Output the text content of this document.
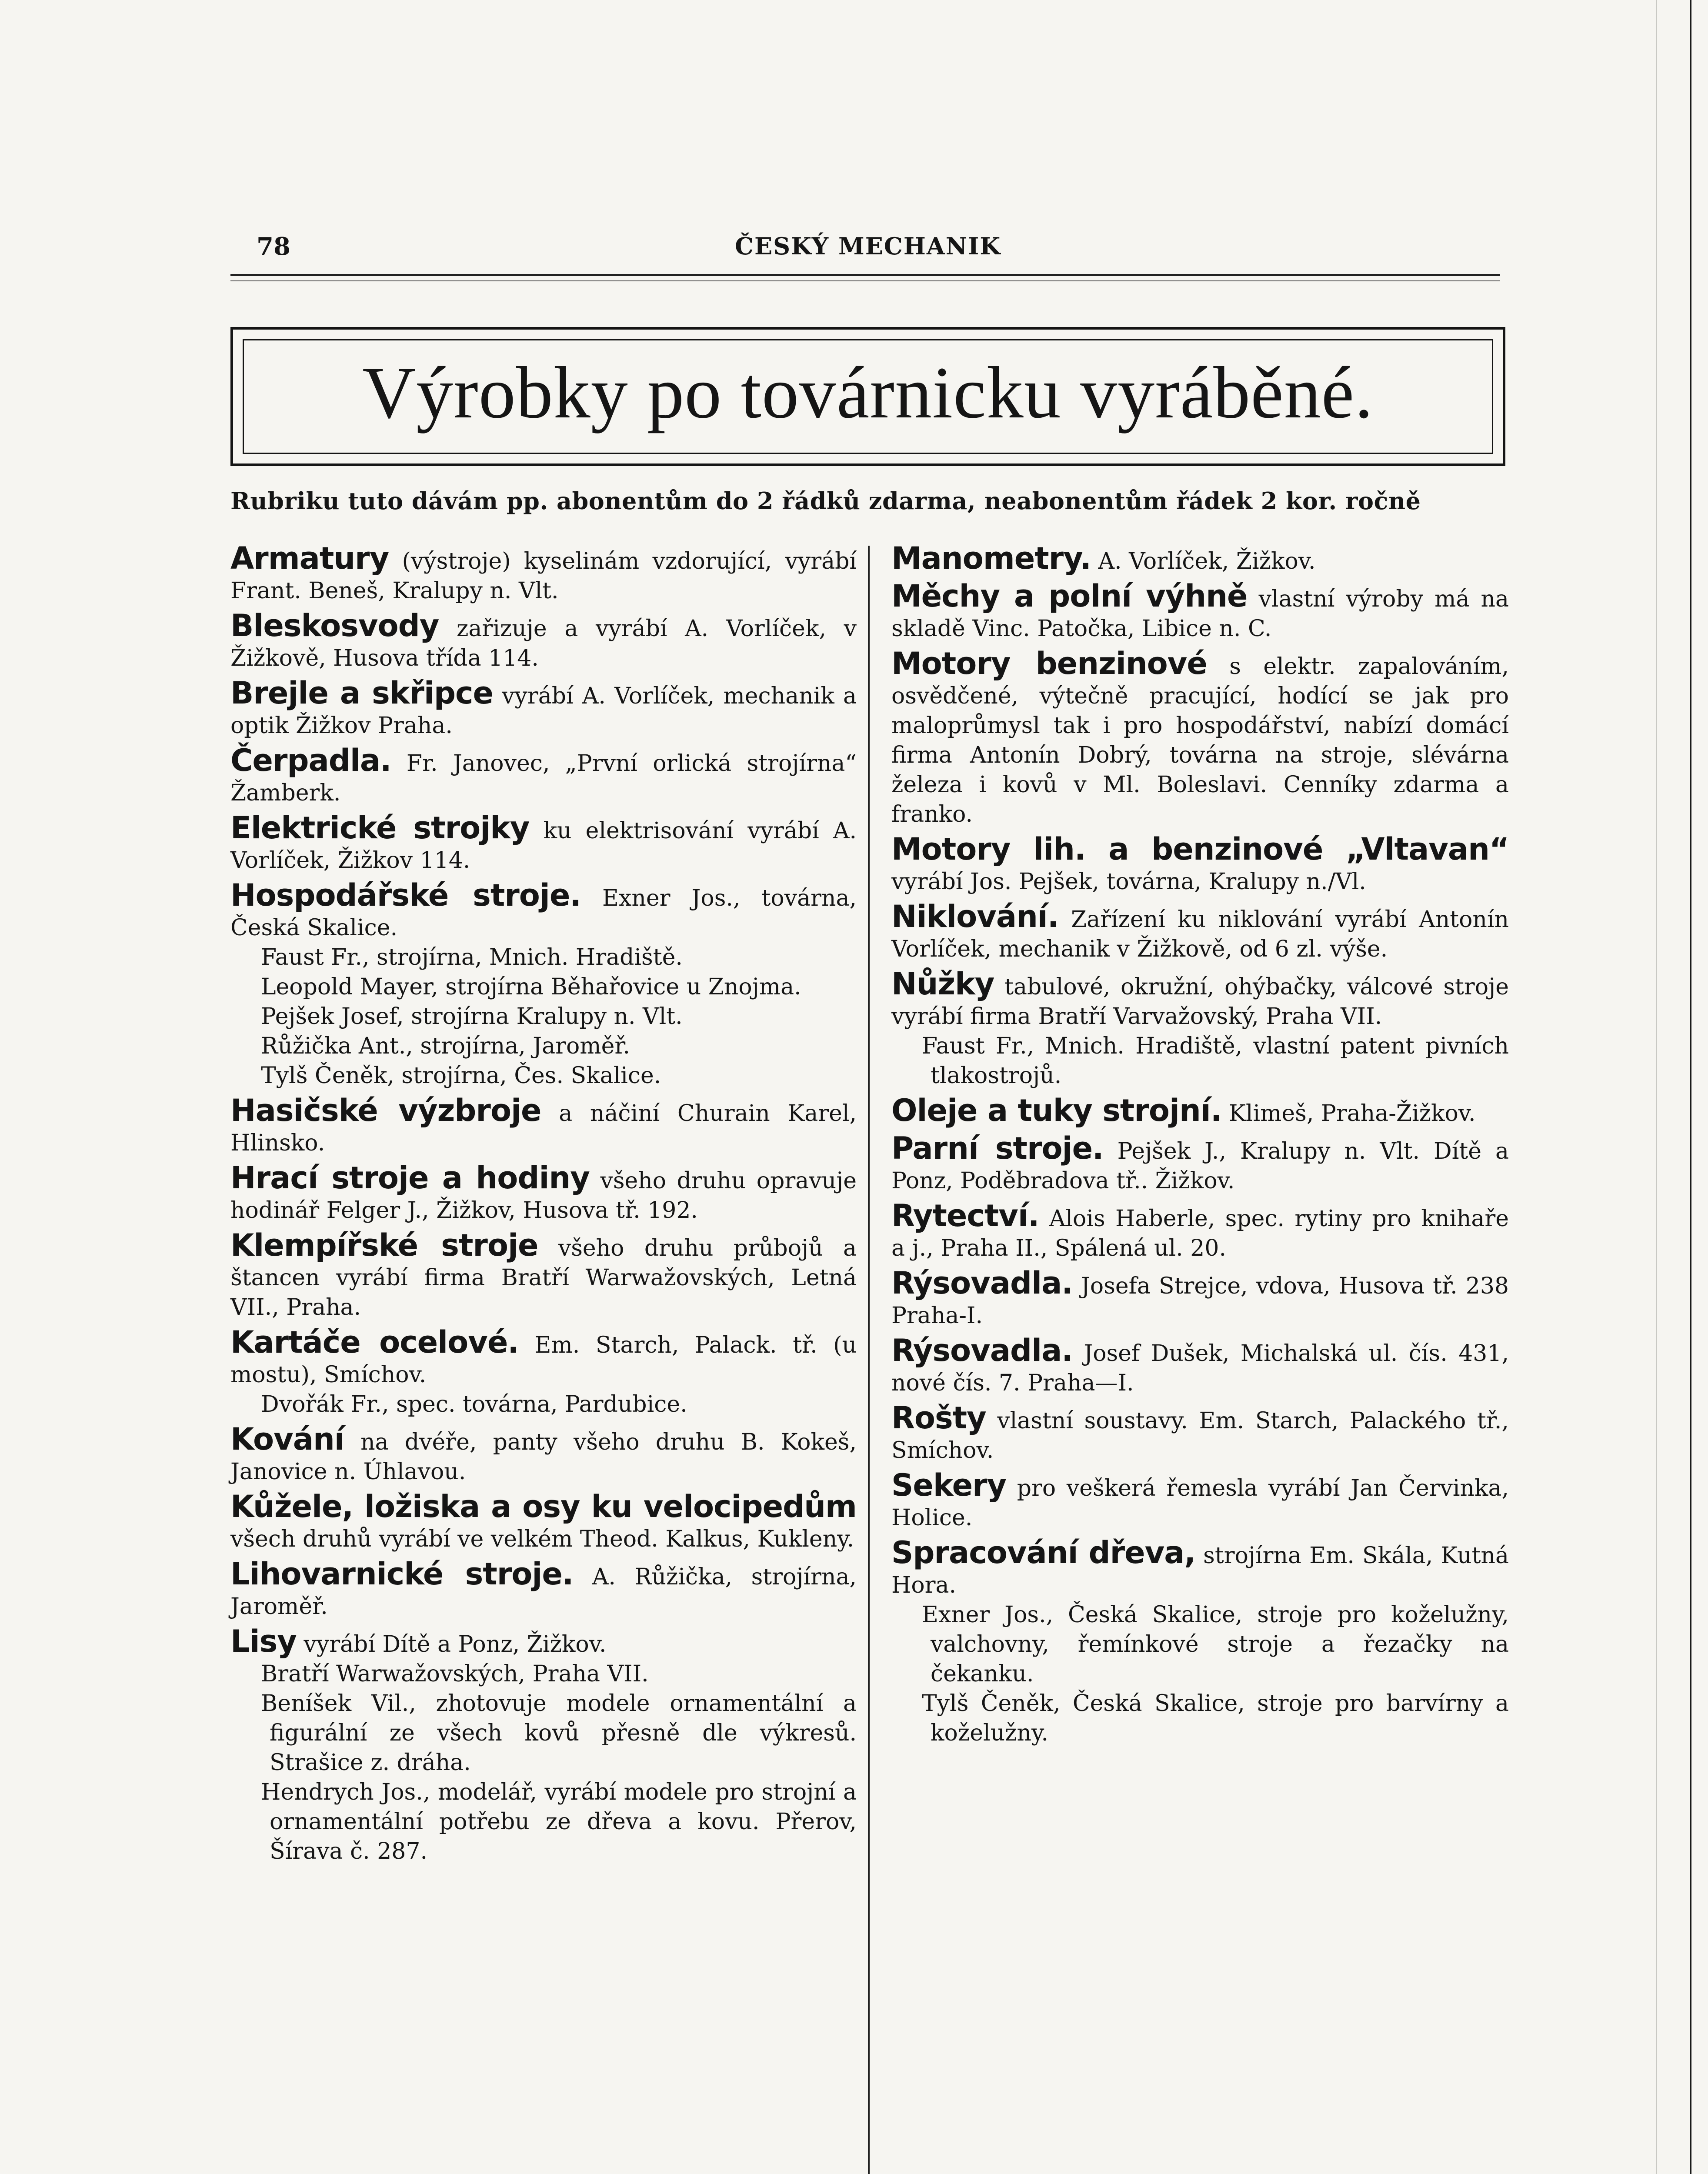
78	ČESKÝ MECHANIK
Výrobky po továrnicku vyráběné.
Rubriku tuto dávám pp. abonentům do 2 řádků zdarma, neabonentům řádek 2 kor. ročně

Armatury (výstroje) kyselinám vzdorující, vyrábí Frant. Beneš, Kralupy n. Vlt.

Bleskosvody zařizuje a vyrábí A. Vorlíček, v Žižkově, Husova třída 114.

Brejle a skřipce vyrábí A. Vorlíček, mechanik a optik Žižkov Praha.

Čerpadla. Fr. Janovec, „První orlická strojírna“ Žamberk.

Elektrické strojky ku elektrisování vyrábí A. Vorlíček, Žižkov 114.

Hospodářské stroje. Exner Jos., továrna, Česká Skalice.

Faust Fr., strojírna, Mnich. Hradiště.

Leopold Mayer, strojírna Běhařovice u Znojma.

Pejšek Josef, strojírna Kralupy n. Vlt.

Růžička Ant., strojírna, Jaroměř.

Tylš Čeněk, strojírna, Čes. Skalice.

Hasičské výzbroje a náčiní Churain Karel, Hlinsko.

Hrací stroje a hodiny všeho druhu opravuje hodinář Felger J., Žižkov, Husova tř. 192.

Klempířské stroje všeho druhu průbojů a štancen vyrábí firma Bratří Warwažovských, Letná VII., Praha.

Kartáče ocelové. Em. Starch, Palack. tř. (u mostu), Smíchov.

Dvořák Fr., spec. továrna, Pardubice.

Kování na dvéře, panty všeho druhu B. Kokeš, Janovice n. Úhlavou.

Kůžele, ložiska a osy ku velocipedům všech druhů vyrábí ve velkém Theod. Kalkus, Kukleny.

Lihovarnické stroje. A. Růžička, strojírna, Jaroměř.

Lisy vyrábí Dítě a Ponz, Žižkov.

Bratří Warwažovských, Praha VII.

Beníšek Vil., zhotovuje modele ornamentální a figurální ze všech kovů přesně dle výkresů. Strašice z. dráha.

Hendrych Jos., modelář, vyrábí modele pro strojní a ornamentální potřebu ze dřeva a kovu. Přerov, Šírava č. 287.

Manometry. A. Vorlíček, Žižkov.

Měchy a polní výhně vlastní výroby má na skladě Vinc. Patočka, Libice n. C.

Motory benzinové s elektr. zapalováním, osvědčené, výtečně pracující, hodící se jak pro maloprůmysl tak i pro hospodářství, nabízí domácí firma Antonín Dobrý, továrna na stroje, slévárna železa i kovů v Ml. Boleslavi. Cenníky zdarma a franko.

Motory lih. a benzinové „Vltavan“ vyrábí Jos. Pejšek, továrna, Kralupy n./Vl.

Niklování. Zařízení ku niklování vyrábí Antonín Vorlíček, mechanik v Žižkově, od 6 zl. výše.

Nůžky tabulové, okružní, ohýbačky, válcové stroje vyrábí firma Bratří Varvažovský, Praha VII.

Faust Fr., Mnich. Hradiště, vlastní patent pivních tlakostrojů.

Oleje a tuky strojní. Klimeš, Praha-Žižkov.

Parní stroje. Pejšek J., Kralupy n. Vlt. Dítě a Ponz, Poděbradova tř.. Žižkov.

Rytectví. Alois Haberle, spec. rytiny pro knihaře a j., Praha II., Spálená ul. 20.

Rýsovadla. Josefa Strejce, vdova, Husova tř. 238 Praha-I.

Rýsovadla. Josef Dušek, Michalská ul. čís. 431, nové čís. 7. Praha—I.

Rošty vlastní soustavy. Em. Starch, Palackého tř., Smíchov.

Sekery pro veškerá řemesla vyrábí Jan Červinka, Holice.

Spracování dřeva, strojírna Em. Skála, Kutná Hora.

Exner Jos., Česká Skalice, stroje pro koželužny, valchovny, řemínkové stroje a řezačky na čekanku.

Tylš Čeněk, Česká Skalice, stroje pro barvírny a koželužny.
